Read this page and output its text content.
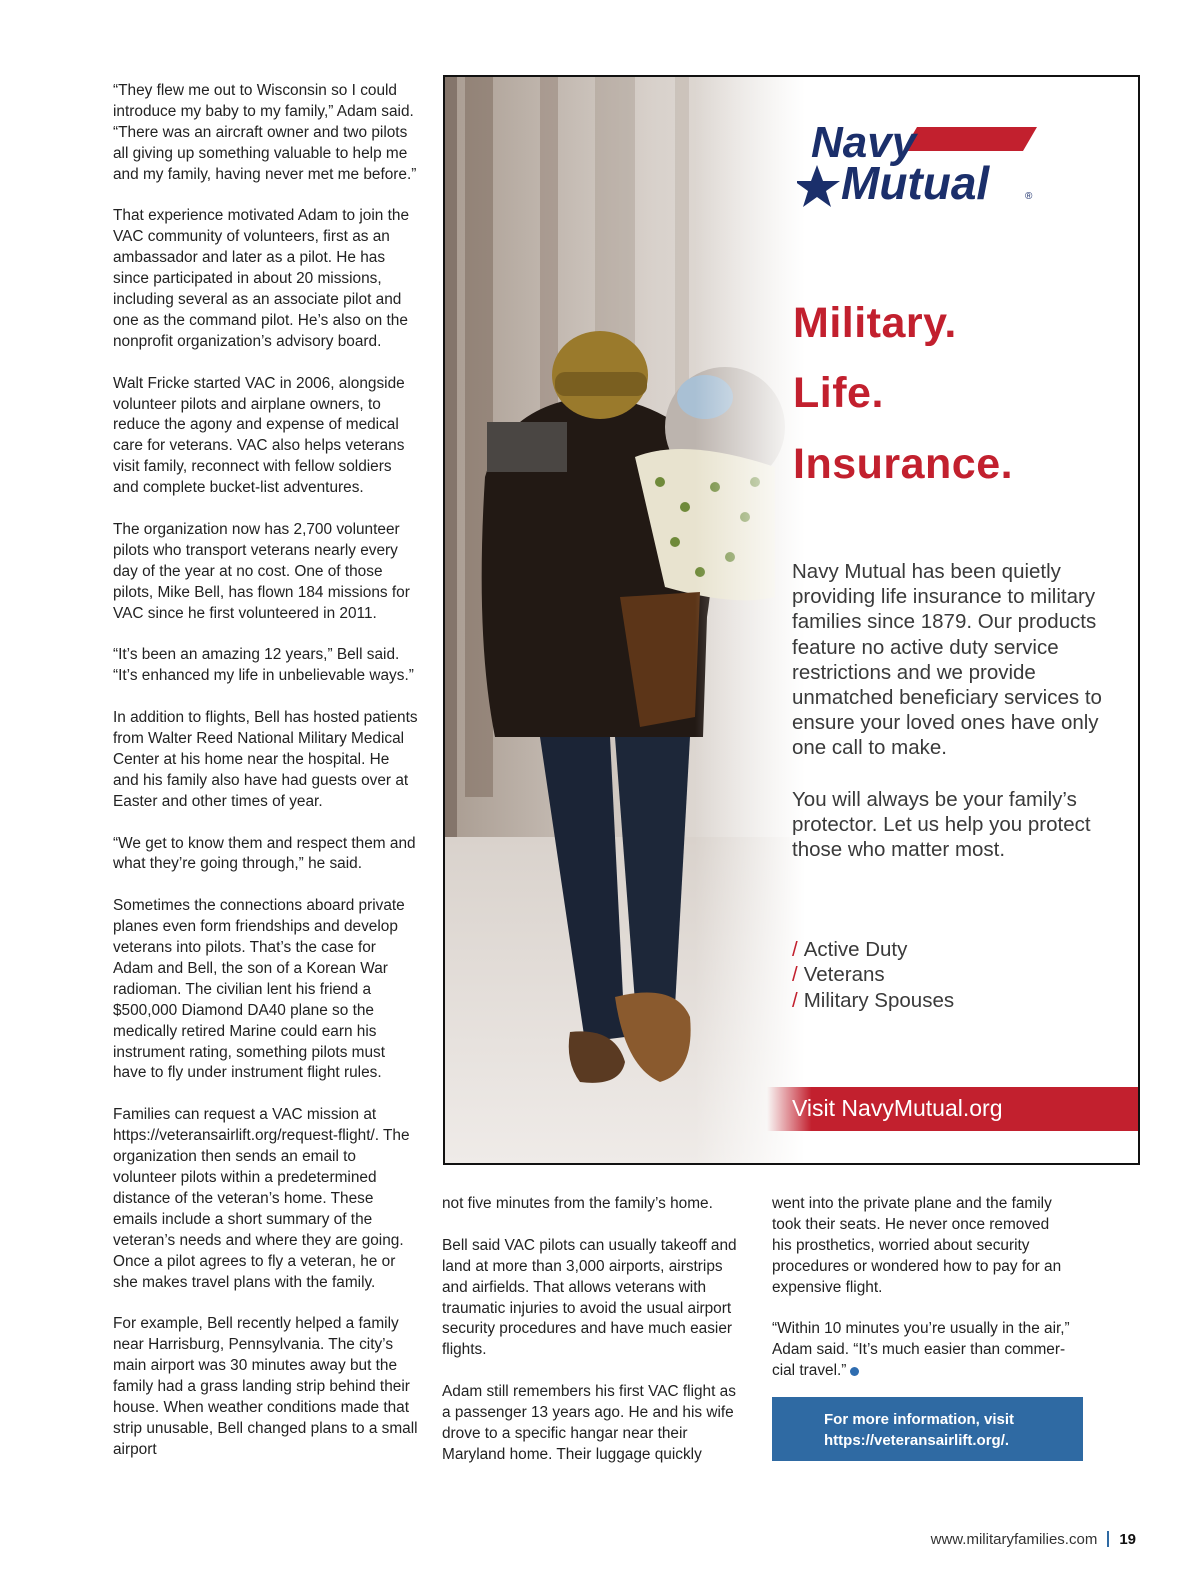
“They flew me out to Wisconsin so I could introduce my baby to my family,” Adam said. “There was an aircraft owner and two pilots all giving up something valuable to help me and my family, having never met me before.”

That experience motivated Adam to join the VAC community of volunteers, first as an ambassador and later as a pilot. He has since participated in about 20 missions, including several as an associate pilot and one as the command pilot. He’s also on the nonprofit organization’s advisory board.

Walt Fricke started VAC in 2006, alongside volunteer pilots and airplane owners, to reduce the agony and expense of medical care for veterans. VAC also helps veterans visit family, reconnect with fellow soldiers and complete bucket-list adventures.

The organization now has 2,700 volunteer pilots who transport veterans nearly every day of the year at no cost. One of those pilots, Mike Bell, has flown 184 missions for VAC since he first volunteered in 2011.

“It’s been an amazing 12 years,” Bell said. “It’s enhanced my life in unbelievable ways.”

In addition to flights, Bell has hosted patients from Walter Reed National Military Medical Center at his home near the hospital. He and his family also have had guests over at Easter and other times of year.

“We get to know them and respect them and what they’re going through,” he said.

Sometimes the connections aboard private planes even form friendships and develop veterans into pilots. That’s the case for Adam and Bell, the son of a Korean War radioman. The civilian lent his friend a $500,000 Diamond DA40 plane so the medically retired Marine could earn his instrument rating, something pilots must have to fly under instrument flight rules.

Families can request a VAC mission at https://veteransairlift.org/request-flight/. The organization then sends an email to volunteer pilots within a predetermined distance of the veteran’s home. These emails include a short summary of the veteran’s needs and where they are going. Once a pilot agrees to fly a veteran, he or she makes travel plans with the family.

For example, Bell recently helped a family near Harrisburg, Pennsylvania. The city’s main airport was 30 minutes away but the family had a grass landing strip behind their house. When weather conditions made that strip unusable, Bell changed plans to a small airport

not five minutes from the family’s home.

Bell said VAC pilots can usually takeoff and land at more than 3,000 airports, airstrips and airfields. That allows veterans with traumatic injuries to avoid the usual airport security procedures and have much easier flights.

Adam still remembers his first VAC flight as a passenger 13 years ago. He and his wife drove to a specific hangar near their Maryland home. Their luggage quickly

went into the private plane and the family took their seats. He never once removed his prosthetics, worried about security procedures or wondered how to pay for an expensive flight.

“Within 10 minutes you’re usually in the air,” Adam said. “It’s much easier than commercial travel.”

Navy
Mutual	®
Military.
Life.
Insurance.
Navy Mutual has been quietly providing life insurance to military families since 1879. Our products feature no active duty service restrictions and we provide unmatched beneficiary services to ensure your loved ones have only one call to make.
You will always be your family’s protector. Let us help you protect those who matter most.
/ Active Duty
/ Veterans
/ Military Spouses
Visit NavyMutual.org
For more information, visit https://veteransairlift.org/.
www.militaryfamilies.com 19
